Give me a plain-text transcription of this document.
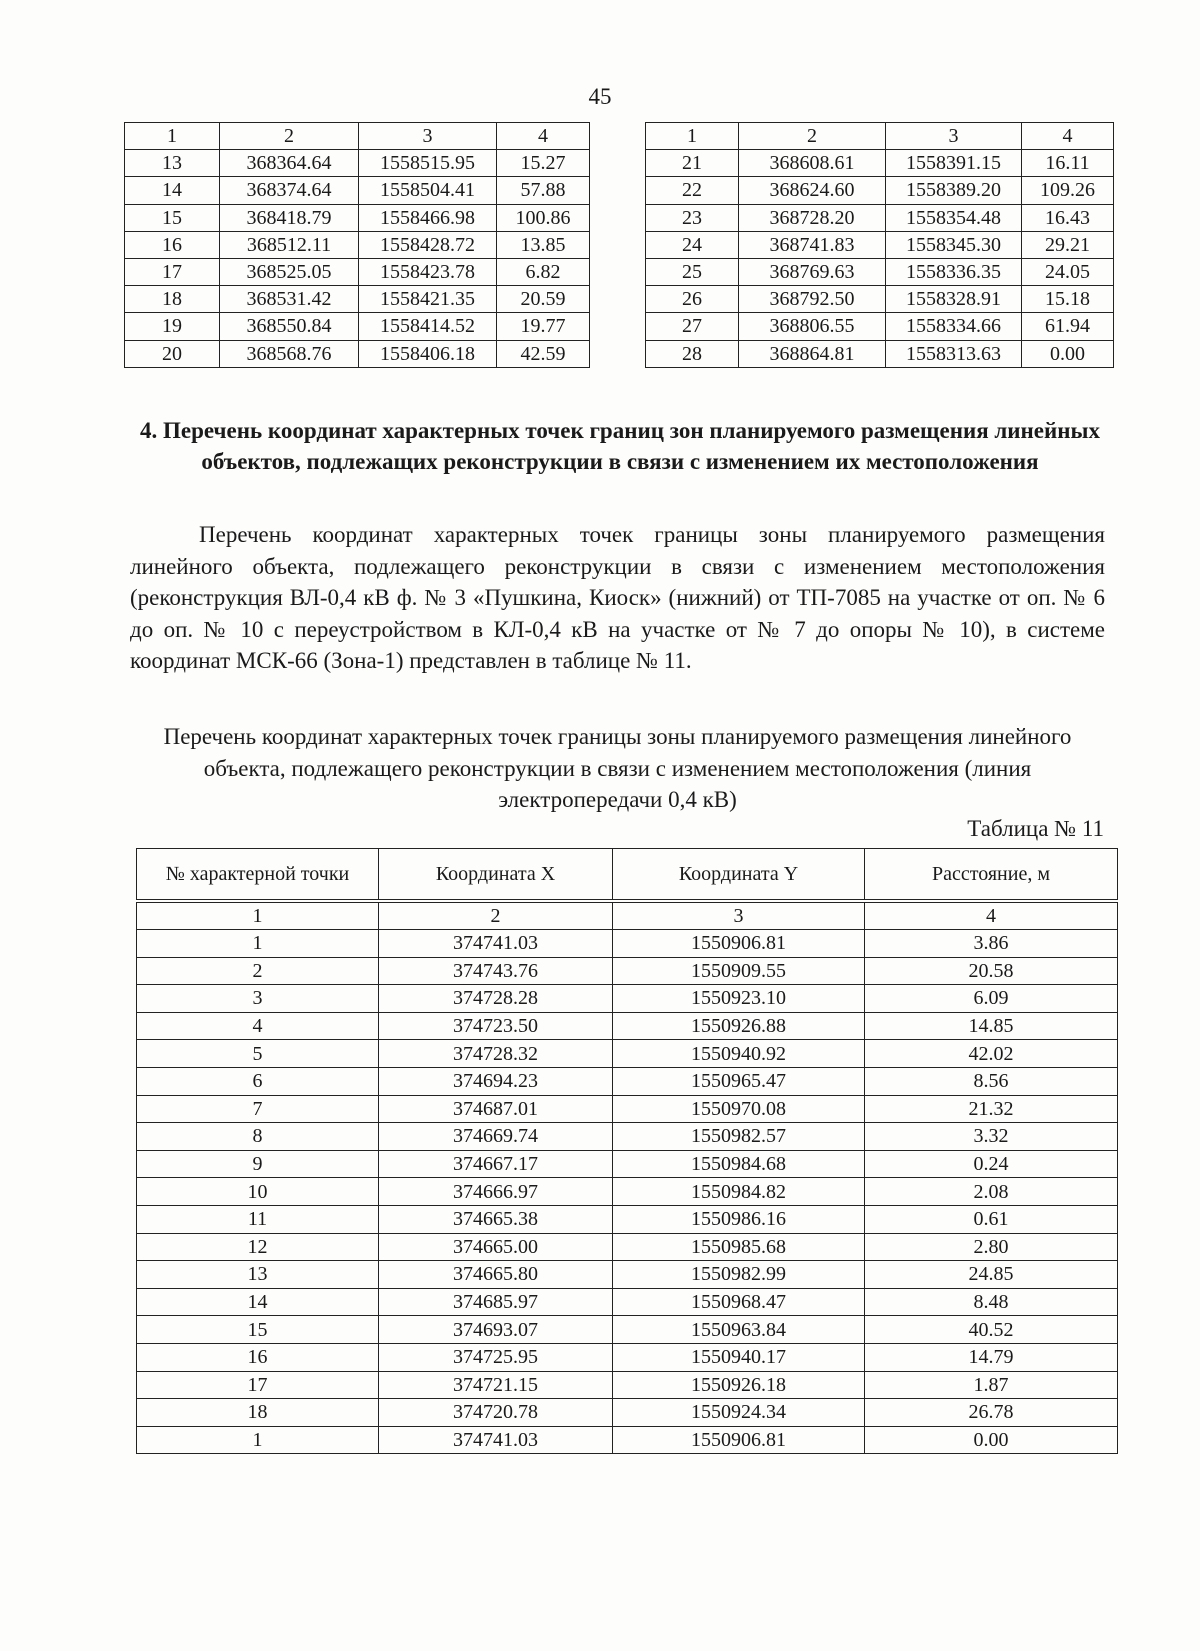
45
1	2	3	4
13	368364.64	1558515.95	15.27
14	368374.64	1558504.41	57.88
15	368418.79	1558466.98	100.86
16	368512.11	1558428.72	13.85
17	368525.05	1558423.78	6.82
18	368531.42	1558421.35	20.59
19	368550.84	1558414.52	19.77
20	368568.76	1558406.18	42.59
1	2	3	4
21	368608.61	1558391.15	16.11
22	368624.60	1558389.20	109.26
23	368728.20	1558354.48	16.43
24	368741.83	1558345.30	29.21
25	368769.63	1558336.35	24.05
26	368792.50	1558328.91	15.18
27	368806.55	1558334.66	61.94
28	368864.81	1558313.63	0.00
4. Перечень координат характерных точек границ зон планируемого размещения линейных объектов, подлежащих реконструкции в связи с изменением их местоположения
Перечень координат характерных точек границы зоны планируемого размещения линейного объекта, подлежащего реконструкции в связи с изменением местоположения (реконструкция ВЛ-0,4 кВ ф. № 3 «Пушкина, Киоск» (нижний) от ТП-7085 на участке от оп. № 6 до оп. № 10 с переустройством в КЛ-0,4 кВ на участке от № 7 до опоры № 10), в системе координат МСК-66 (Зона-1) представлен в таблице № 11.
Перечень координат характерных точек границы зоны планируемого размещения линейного объекта, подлежащего реконструкции в связи с изменением местоположения (линия электропередачи 0,4 кВ)
Таблица № 11
№ характерной точки	Координата X	Координата Y	Расстояние, м
1	2	3	4
1	374741.03	1550906.81	3.86
2	374743.76	1550909.55	20.58
3	374728.28	1550923.10	6.09
4	374723.50	1550926.88	14.85
5	374728.32	1550940.92	42.02
6	374694.23	1550965.47	8.56
7	374687.01	1550970.08	21.32
8	374669.74	1550982.57	3.32
9	374667.17	1550984.68	0.24
10	374666.97	1550984.82	2.08
11	374665.38	1550986.16	0.61
12	374665.00	1550985.68	2.80
13	374665.80	1550982.99	24.85
14	374685.97	1550968.47	8.48
15	374693.07	1550963.84	40.52
16	374725.95	1550940.17	14.79
17	374721.15	1550926.18	1.87
18	374720.78	1550924.34	26.78
1	374741.03	1550906.81	0.00
